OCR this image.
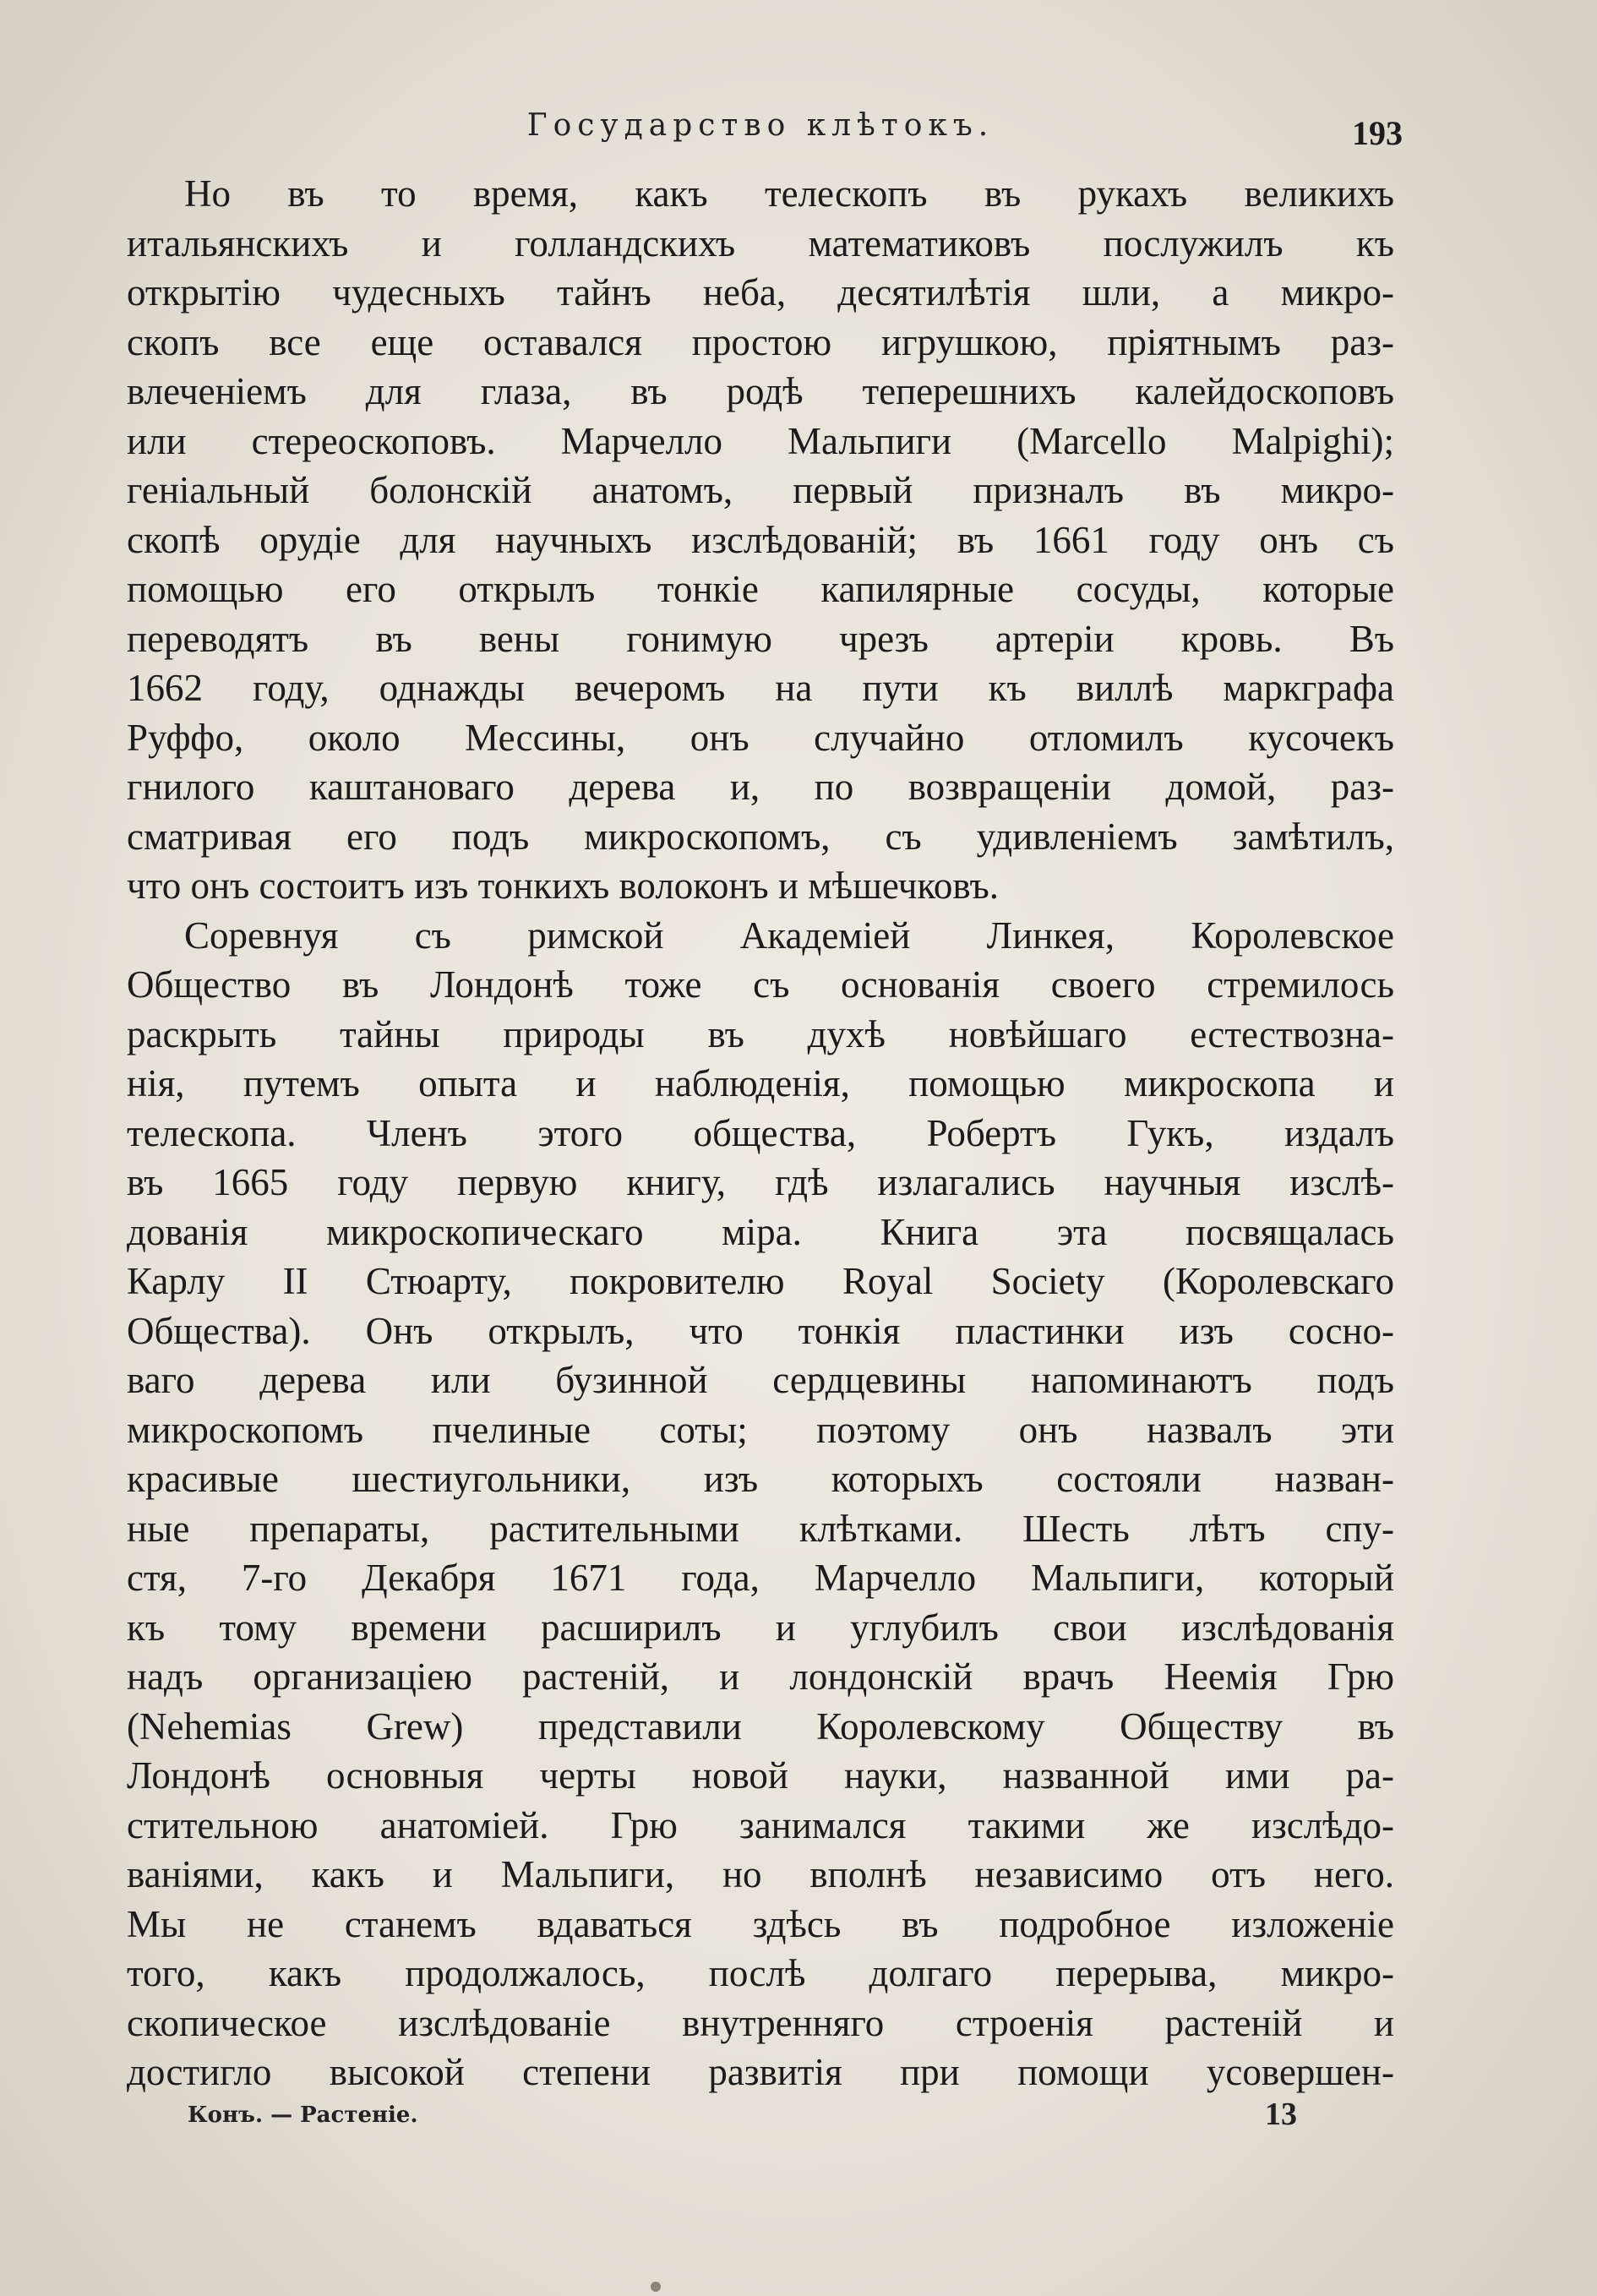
Государство клѣтокъ.	193
Но въ то время, какъ телескопъ въ рукахъ великихъ
итальянскихъ и голландскихъ математиковъ послужилъ къ
открытію чудесныхъ тайнъ неба, десятилѣтія шли, а микро-
скопъ все еще оставался простою игрушкою, пріятнымъ раз-
влеченіемъ для глаза, въ родѣ теперешнихъ калейдоскоповъ
или стереоскоповъ. Марчелло Мальпиги (Marcello Malpighi);
геніальный болонскій анатомъ, первый призналъ въ микро-
скопѣ орудіе для научныхъ изслѣдованій; въ 1661 году онъ съ
помощью его открылъ тонкіе капилярные сосуды, которые
переводятъ въ вены гонимую чрезъ артеріи кровь. Въ
1662 году, однажды вечеромъ на пути къ виллѣ маркграфа
Руффо, около Мессины, онъ случайно отломилъ кусочекъ
гнилого каштановаго дерева и, по возвращеніи домой, раз-
сматривая его подъ микроскопомъ, съ удивленіемъ замѣтилъ,
что онъ состоитъ изъ тонкихъ волоконъ и мѣшечковъ.
Соревнуя съ римской Академіей Линкея, Королевское
Общество въ Лондонѣ тоже съ основанія своего стремилось
раскрыть тайны природы въ духѣ новѣйшаго естествозна-
нія, путемъ опыта и наблюденія, помощью микроскопа и
телескопа. Членъ этого общества, Робертъ Гукъ, издалъ
въ 1665 году первую книгу, гдѣ излагались научныя изслѣ-
дованія микроскопическаго міра. Книга эта посвящалась
Карлу II Стюарту, покровителю Royal Society (Королевскаго
Общества). Онъ открылъ, что тонкія пластинки изъ сосно-
ваго дерева или бузинной сердцевины напоминаютъ подъ
микроскопомъ пчелиные соты; поэтому онъ назвалъ эти
красивые шестиугольники, изъ которыхъ состояли назван-
ные препараты, растительными клѣтками. Шесть лѣтъ спу-
стя, 7-го Декабря 1671 года, Марчелло Мальпиги, который
къ тому времени расширилъ и углубилъ свои изслѣдованія
надъ организаціею растеній, и лондонскій врачъ Неемія Грю
(Nehemias Grew) представили Королевскому Обществу въ
Лондонѣ основныя черты новой науки, названной ими ра-
стительною анатоміей. Грю занимался такими же изслѣдо-
ваніями, какъ и Мальпиги, но вполнѣ независимо отъ него.
Мы не станемъ вдаваться здѣсь въ подробное изложеніе
того, какъ продолжалось, послѣ долгаго перерыва, микро-
скопическое изслѣдованіе внутренняго строенія растеній и
достигло высокой степени развитія при помощи усовершен-
Конъ. — Растеніе.	13
